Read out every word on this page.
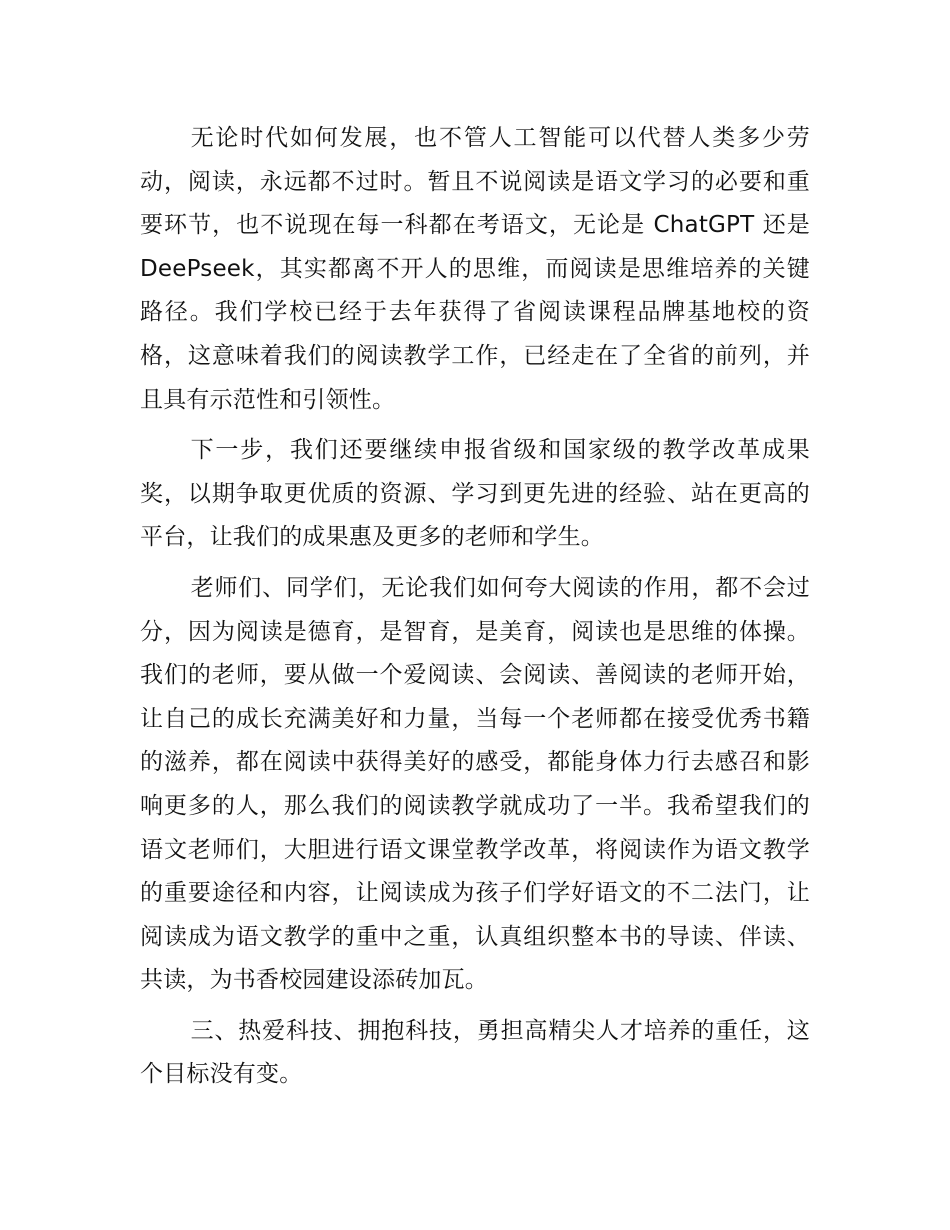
无论时代如何发展，也不管人工智能可以代替人类多少劳动，阅读，永远都不过时。暂且不说阅读是语文学习的必要和重要环节，也不说现在每一科都在考语文，无论是 ChatGPT 还是 DeePseek，其实都离不开人的思维，而阅读是思维培养的关键路径。我们学校已经于去年获得了省阅读课程品牌基地校的资格，这意味着我们的阅读教学工作，已经走在了全省的前列，并且具有示范性和引领性。

下一步，我们还要继续申报省级和国家级的教学改革成果奖，以期争取更优质的资源、学习到更先进的经验、站在更高的平台，让我们的成果惠及更多的老师和学生。

老师们、同学们，无论我们如何夸大阅读的作用，都不会过分，因为阅读是德育，是智育，是美育，阅读也是思维的体操。我们的老师，要从做一个爱阅读、会阅读、善阅读的老师开始，让自己的成长充满美好和力量，当每一个老师都在接受优秀书籍的滋养，都在阅读中获得美好的感受，都能身体力行去感召和影响更多的人，那么我们的阅读教学就成功了一半。我希望我们的语文老师们，大胆进行语文课堂教学改革，将阅读作为语文教学的重要途径和内容，让阅读成为孩子们学好语文的不二法门，让阅读成为语文教学的重中之重，认真组织整本书的导读、伴读、共读，为书香校园建设添砖加瓦。

三、热爱科技、拥抱科技，勇担高精尖人才培养的重任，这个目标没有变。
